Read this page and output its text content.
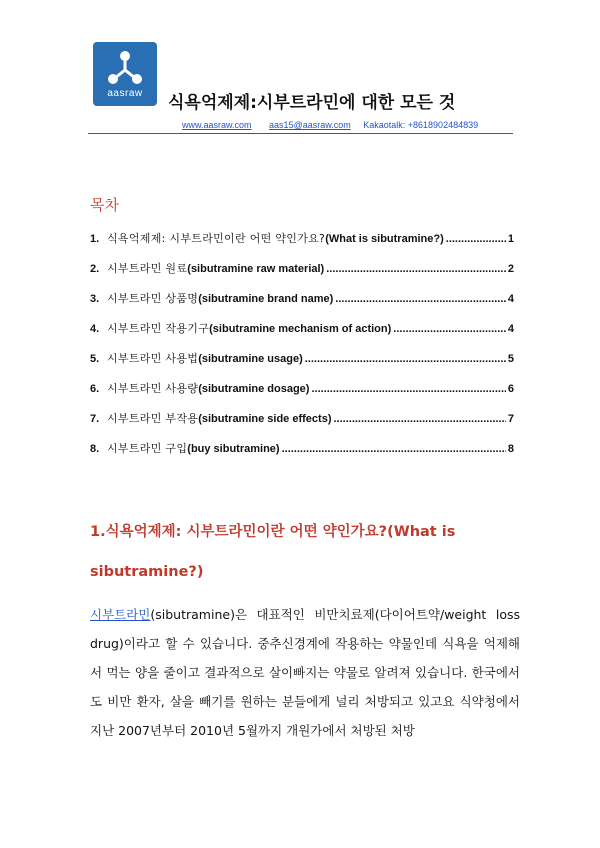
aasraw	식욕억제제:시부트라민에 대한 모든 것
www.aasraw.com aas15@aasraw.com Kakaotalk: +8618902484839
목차
1. 식욕억제제: 시부트라민이란 어떤 약인가요? (What is sibutramine?) .....	1
2. 시부트라민 원료 (sibutramine raw material) .....	2
3. 시부트라민 상품명 (sibutramine brand name) .....	4
4. 시부트라민 작용기구 (sibutramine mechanism of action) .....	4
5. 시부트라민 사용법 (sibutramine usage) .....	5
6. 시부트라민 사용량 (sibutramine dosage) .....	6
7. 시부트라민 부작용 (sibutramine side effects) .....	7
8. 시부트라민 구입 (buy sibutramine) .....	8
1.식욕억제제: 시부트라민이란 어떤 약인가요?(What is sibutramine?)
시부트라민(sibutramine)은 대표적인 비만치료제(다이어트약/weight loss drug)이라고 할 수 있습니다. 중추신경계에 작용하는 약물인데 식욕을 억제해서 먹는 양을 줄이고 결과적으로 살이빠지는 약물로 알려져 있습니다. 한국에서도 비만 환자, 살을 빼기를 원하는 분들에게 널리 처방되고 있고요 식약청에서 지난 2007년부터 2010년 5월까지 개원가에서 처방된 처방
